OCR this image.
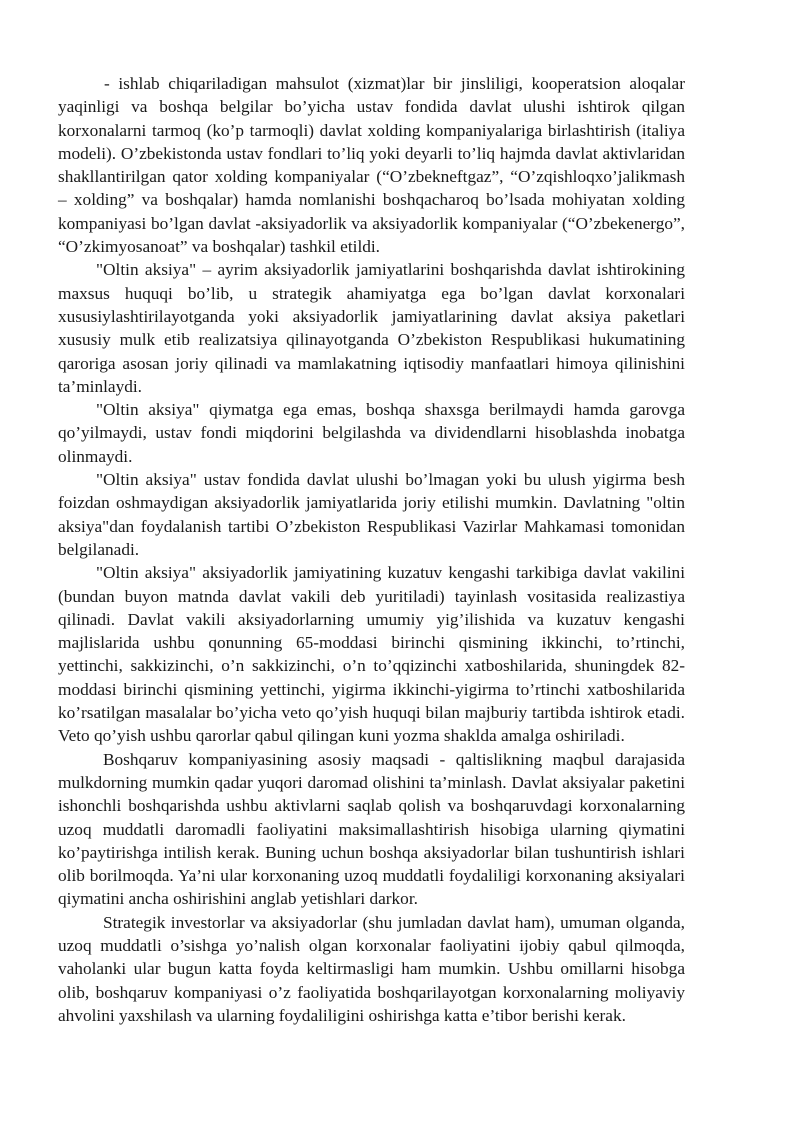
- ishlab chiqariladigan mahsulot (xizmat)lar bir jinsliligi, kooperatsion aloqalar yaqinligi va boshqa belgilar bo’yicha ustav fondida davlat ulushi ishtirok qilgan korxonalarni tarmoq (ko’p tarmoqli) davlat xolding kompaniyalariga birlashtirish (italiya modeli). O’zbekistonda ustav fondlari to’liq yoki deyarli to’liq hajmda davlat aktivlaridan shakllantirilgan qator xolding kompaniyalar (“O’zbekneftgaz”, “O’zqishloqxo’jalikmash – xolding” va boshqalar) hamda nomlanishi boshqacharoq bo’lsada mohiyatan xolding kompaniyasi bo’lgan davlat -aksiyadorlik va aksiyadorlik kompaniyalar (“O’zbekenergo”, “O’zkimyosanoat” va boshqalar) tashkil etildi.

"Oltin aksiya" – ayrim aksiyadorlik jamiyatlarini boshqarishda davlat ishtirokining maxsus huquqi bo’lib, u strategik ahamiyatga ega bo’lgan davlat korxonalari xususiylashtirilayotganda yoki aksiyadorlik jamiyatlarining davlat aksiya paketlari xususiy mulk etib realizatsiya qilinayotganda O’zbekiston Respublikasi hukumatining qaroriga asosan joriy qilinadi va mamlakatning iqtisodiy manfaatlari himoya qilinishini ta’minlaydi.

"Oltin aksiya" qiymatga ega emas, boshqa shaxsga berilmaydi hamda garovga qo’yilmaydi, ustav fondi miqdorini belgilashda va dividendlarni hisoblashda inobatga olinmaydi.

"Oltin aksiya" ustav fondida davlat ulushi bo’lmagan yoki bu ulush yigirma besh foizdan oshmaydigan aksiyadorlik jamiyatlarida joriy etilishi mumkin. Davlatning "oltin aksiya"dan foydalanish tartibi O’zbekiston Respublikasi Vazirlar Mahkamasi tomonidan belgilanadi.

"Oltin aksiya" aksiyadorlik jamiyatining kuzatuv kengashi tarkibiga davlat vakilini (bundan buyon matnda davlat vakili deb yuritiladi) tayinlash vositasida realizastiya qilinadi. Davlat vakili aksiyadorlarning umumiy yig’ilishida va kuzatuv kengashi majlislarida ushbu qonunning 65-moddasi birinchi qismining ikkinchi, to’rtinchi, yettinchi, sakkizinchi, o’n sakkizinchi, o’n to’qqizinchi xatboshilarida, shuningdek 82-moddasi birinchi qismining yettinchi, yigirma ikkinchi-yigirma to’rtinchi xatboshilarida ko’rsatilgan masalalar bo’yicha veto qo’yish huquqi bilan majburiy tartibda ishtirok etadi. Veto qo’yish ushbu qarorlar qabul qilingan kuni yozma shaklda amalga oshiriladi.

Boshqaruv kompaniyasining asosiy maqsadi - qaltislikning maqbul darajasida mulkdorning mumkin qadar yuqori daromad olishini ta’minlash. Davlat aksiyalar paketini ishonchli boshqarishda ushbu aktivlarni saqlab qolish va boshqaruvdagi korxonalarning uzoq muddatli daromadli faoliyatini maksimallashtirish hisobiga ularning qiymatini ko’paytirishga intilish kerak. Buning uchun boshqa aksiyadorlar bilan tushuntirish ishlari olib borilmoqda. Ya’ni ular korxonaning uzoq muddatli foydaliligi korxonaning aksiyalari qiymatini ancha oshirishini anglab yetishlari darkor.

Strategik investorlar va aksiyadorlar (shu jumladan davlat ham), umuman olganda, uzoq muddatli o’sishga yo’nalish olgan korxonalar faoliyatini ijobiy qabul qilmoqda, vaholanki ular bugun katta foyda keltirmasligi ham mumkin. Ushbu omillarni hisobga olib, boshqaruv kompaniyasi o’z faoliyatida boshqarilayotgan korxonalarning moliyaviy ahvolini yaxshilash va ularning foydaliligini oshirishga katta e’tibor berishi kerak.
